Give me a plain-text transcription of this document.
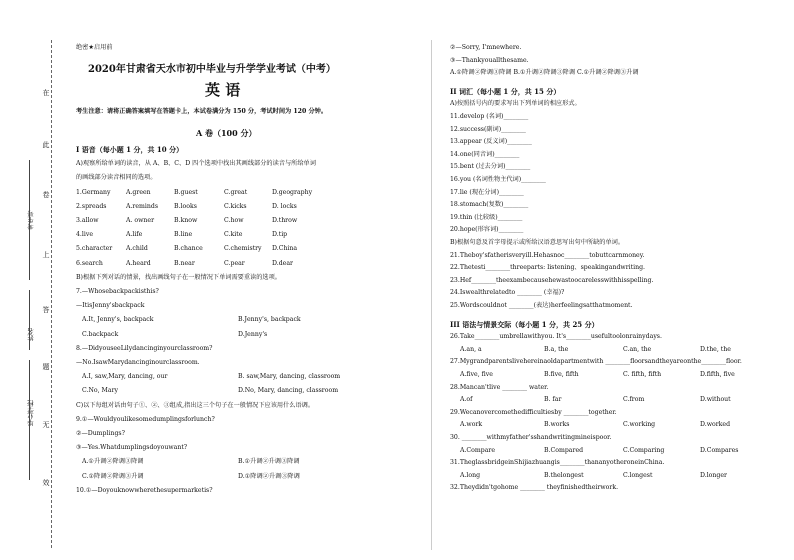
在
此
卷
上
答
题
无
效
考生号
姓名
毕业学校
绝密★启用前
2020年甘肃省天水市初中毕业与升学学业考试（中考）
英 语
考生注意：请将正确答案填写在答题卡上，本试卷满分为 150 分，考试时间为 120 分钟。
A 卷（100 分）
I 语音（每小题 1 分，共 10 分）
A)观察所给单词的读音，从 A、B、C、D 四个选项中找出其画线部分的读音与所给单词
的画线部分读音相同的选项。
1.Germany A.green	B.guest	C.great	D.geography
2.spreads	A.reminds	B.looks	C.kicks	D. locks
3.allow	A. owner	B.know	C.how	D.throw
4.live	A.life	B.line	C.kite	D.tip
5.character A.child	B.chance	C.chemistry D.China
6.search	A.heard	B.near	C.pear	D.dear
B)根据下列对话的情景，找出画线句子在一般情况下单词需要重读的选项。
7.—Whosebackpackisthis?
—ItisJenny'sbackpack
A.It, Jenny's, backpack	B.Jenny's, backpack
C.backpack	D.Jenny's
8.—DidyouseeLilydancinginyourclassroom?
—No.IsawMarydancinginourclassroom.
A.I, saw,Mary, dancing, our	B. saw,Mary, dancing, classroom
C.No, Mary	D.No, Mary, dancing, classroom
C)以下每组对话由句子①、②、③组成,指出这三个句子在一般情况下应该用什么语调。
9.①—Wouldyoulikesomedumplingsforlunch?
②—Dumplings?
③—Yes.Whatdumplingsdoyouwant?
A.①升调②降调③降调	B.①升调②升调③降调
C.①降调②降调③升调	D.①降调②升调③降调
10.①—Doyouknowwherethesupermarketis?
②—Sorry, I'mnewhere.
③—Thankyouallthesame.
A.①降调②降调③降调 B.①升调②降调③降调 C.①升调②降调③升调
II 词汇（每小题 1 分，共 15 分）
A)按照括号内的要求写出下列单词的相应形式。
11.develop (名词)________
12.success(副词)________
13.appear (反义词)________
14.one(同音词)________
15.bent (过去分词)________
16.you (名词性物主代词)________
17.lie (现在分词)________
18.stomach(复数)________
19.thin (比较级)________
20.hope(形容词)________
B)根据句意及首字母提示或所给汉语意思写出句中所缺的单词。
21.Theboy'sfatherisveryill.Hehasnoc________tobuttcarnmoney.
22.Thetesti________threeparts: listening、speakingandwriting.
23.Hef________theexambecausehewastoocarelesswithhisspelling.
24.Iswealthrelatedto ________ (幸福)?
25.Wordscouldnot ________(表达)herfeelingsatthatmoment.
III 语法与情景交际（每小题 1 分，共 25 分）
26.Take________umbrellawithyou. It's________usefultoolonrainydays.
A.an, a	B.a, the	C.an, the	D.the, the
27.Mygrandparentslivehereinaoldapartmentwith ________floorsandtheyareonthe________floor.
A.five, five	B.five, fifth	C. fifth, fifth	D.fifth, five
28.Mancan'tlive ________ water.
A.of	B. far	C.from	D.without
29.Wecanovercomethedifficultiesby ________together.
A.work	B.works	C.working	D.worked
30. ________withmyfather'sshandwritingmineispoor.
A.Compare	B.Compared	C.Comparing	D.Compares
31.TheglassbridgeinShijiazhuangis________thananyotheroneinChina.
A.long	B.thelongest	C.longest	D.longer
32.Theydidn'tgohome ________ theyfinishedtheirwork.
